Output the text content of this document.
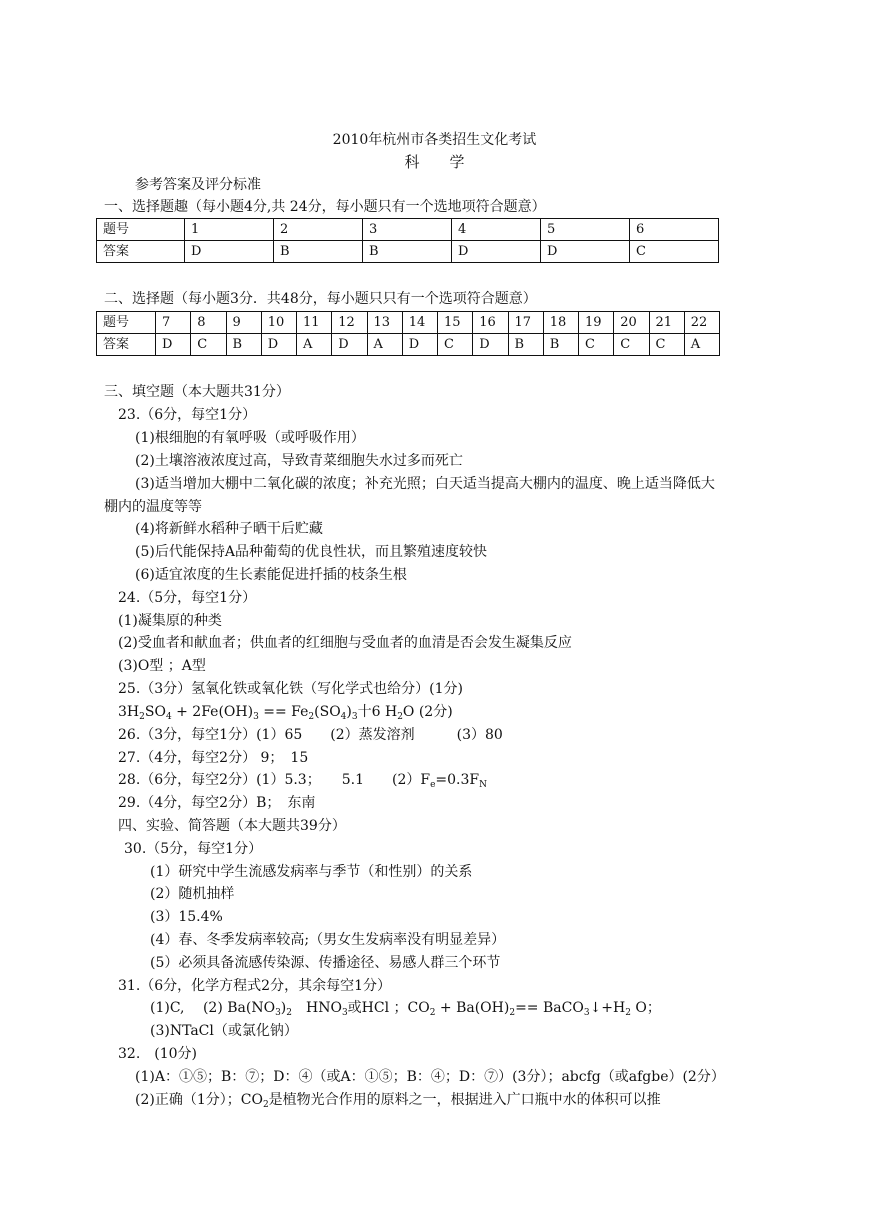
2010年杭州市各类招生文化考试
科　　学
参考答案及评分标准
一、选择题趣（每小题4分,共 24分，每小题只有一个选地项符合题意）
题号	1	2	3	4	5	6
答案	D	B	B	D	D	C
二、选择题（每小题3分．共48分，每小题只只有一个选项符合题意）
题号	7	8	9	10	11	12	13	14	15	16	17	18	19	20	21	22
答案	D	C	B	D	A	D	A	D	C	D	B	B	C	C	C	A
三、填空题（本大题共31分）
23.（6分，每空1分）
(1)根细胞的有氧呼吸（或呼吸作用）
(2)土壤溶液浓度过高，导致青菜细胞失水过多而死亡
(3)适当增加大棚中二氧化碳的浓度；补充光照；白天适当提高大棚内的温度、晚上适当降低大
棚内的温度等等
(4)将新鲜水稻种子晒干后贮藏
(5)后代能保持A品种葡萄的优良性状，而且繁殖速度较快
(6)适宜浓度的生长素能促进扦插的枝条生根
24.（5分，每空1分）
(1)凝集原的种类
(2)受血者和献血者；供血者的红细胞与受血者的血清是否会发生凝集反应
(3)O型 ；A型
25.（3分）氢氧化铁或氧化铁（写化学式也给分）(1分)
$3H_2SO_4 + 2Fe(OH)_3 == Fe_2(SO_4)_3$十6 $H_2O$ (2分)
26.（3分，每空1分）(1）65　　(2）蒸发溶剂　　　(3）80
27.（4分，每空2分） 9；　15
28.（6分，每空2分）(1）5.3；　　5.1　　$(2)F_e=0.3F_N$
29.（4分，每空2分）B；　东南
四、实验、简答题（本大题共39分）
30.（5分，每空1分）
(1）研究中学生流感发病率与季节（和性别）的关系
(2）随机抽样
(3）15.4%
(4）春、冬季发病率较高;（男女生发病率没有明显差异）
(5）必须具备流感传染源、传播途径、易感人群三个环节
31.（6分，化学方程式2分，其余每空1分）
(1)C,　 (2) $Ba(NO_3)_2$　$HNO_3$或HCl ；$CO_2 + Ba(OH)_2==$ $BaCO_3↓+H_2$ O；
(3)NTaCl（或氯化钠）
32.　(10分)
(1)A：①⑤；B：⑦；D：④（或A：①⑤；B：④；D：⑦）(3分）；abcfg（或afgbe）(2分）
(2)正确（1分）；$CO_2$是植物光合作用的原料之一，根据进入广口瓶中水的体积可以推
